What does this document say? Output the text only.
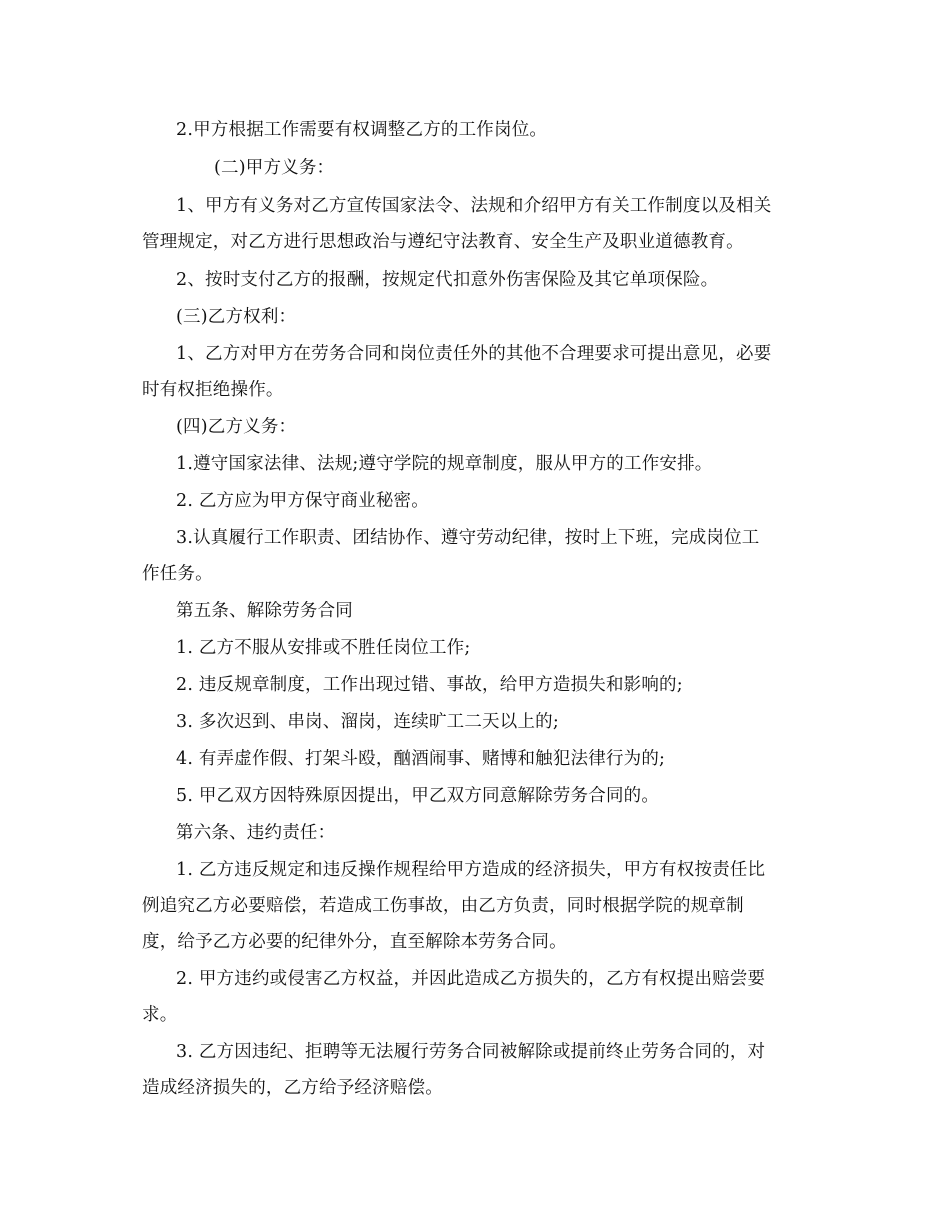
2.甲方根据工作需要有权调整乙方的工作岗位。
(二)甲方义务：
1、甲方有义务对乙方宣传国家法令、法规和介绍甲方有关工作制度以及相关
管理规定，对乙方进行思想政治与遵纪守法教育、安全生产及职业道德教育。
2、按时支付乙方的报酬，按规定代扣意外伤害保险及其它单项保险。
(三)乙方权利：
1、乙方对甲方在劳务合同和岗位责任外的其他不合理要求可提出意见，必要
时有权拒绝操作。
(四)乙方义务：
1.遵守国家法律、法规;遵守学院的规章制度，服从甲方的工作安排。
2. 乙方应为甲方保守商业秘密。
3.认真履行工作职责、团结协作、遵守劳动纪律，按时上下班，完成岗位工
作任务。
第五条、解除劳务合同
1. 乙方不服从安排或不胜任岗位工作;
2. 违反规章制度，工作出现过错、事故，给甲方造损失和影响的;
3. 多次迟到、串岗、溜岗，连续旷工二天以上的;
4. 有弄虚作假、打架斗殴，酗酒闹事、赌博和触犯法律行为的;
5. 甲乙双方因特殊原因提出，甲乙双方同意解除劳务合同的。
第六条、违约责任：
1. 乙方违反规定和违反操作规程给甲方造成的经济损失，甲方有权按责任比
例追究乙方必要赔偿，若造成工伤事故，由乙方负责，同时根据学院的规章制
度，给予乙方必要的纪律外分，直至解除本劳务合同。
2. 甲方违约或侵害乙方权益，并因此造成乙方损失的，乙方有权提出赔尝要
求。
3. 乙方因违纪、拒聘等无法履行劳务合同被解除或提前终止劳务合同的，对
造成经济损失的，乙方给予经济赔偿。
